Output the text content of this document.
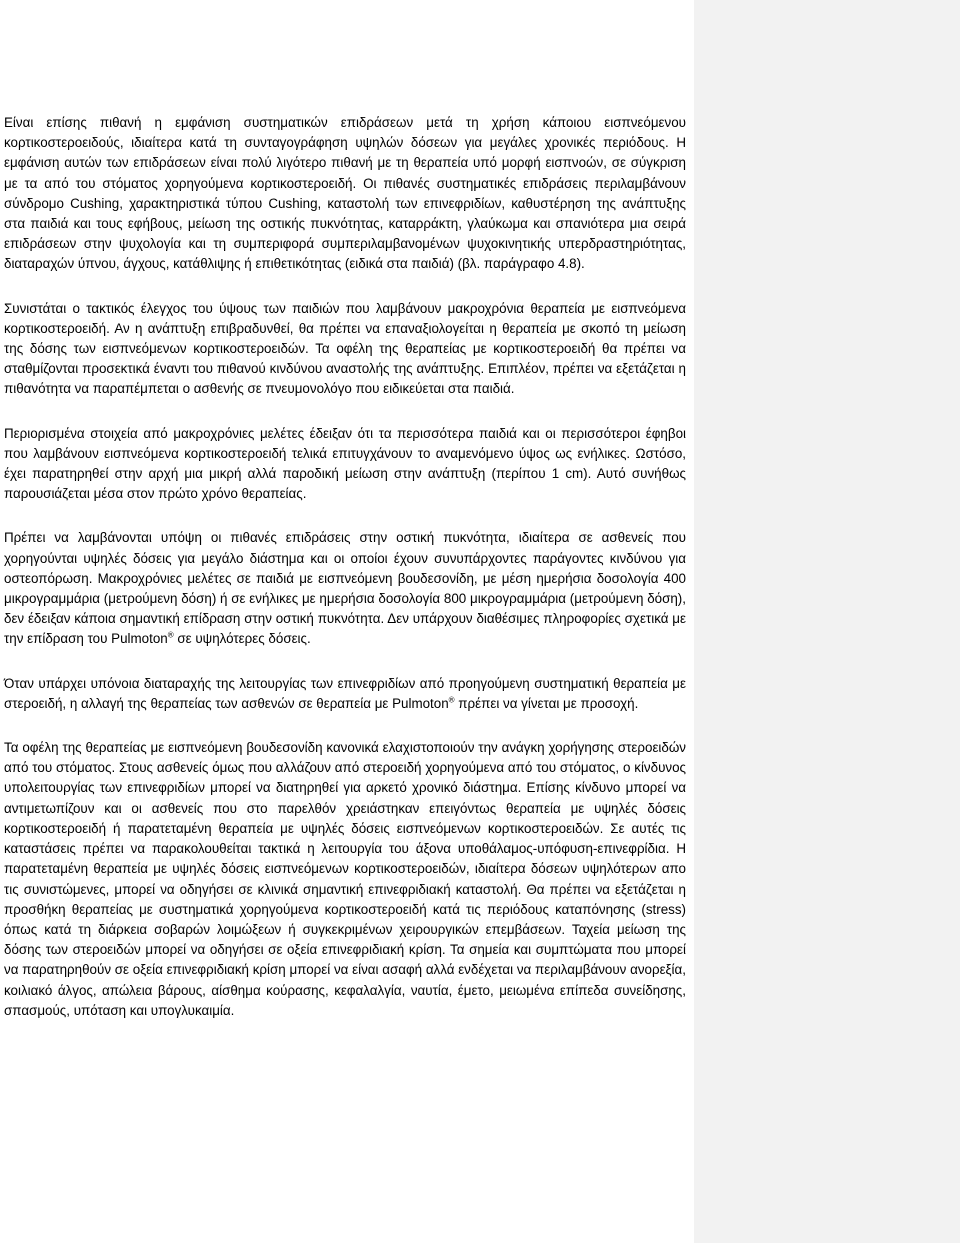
Είναι επίσης πιθανή η εμφάνιση συστηματικών επιδράσεων μετά τη χρήση κάποιου εισπνεόμενου κορτικοστεροειδούς, ιδιαίτερα κατά τη συνταγογράφηση υψηλών δόσεων για μεγάλες χρονικές περιόδους. Η εμφάνιση αυτών των επιδράσεων είναι πολύ λιγότερο πιθανή με τη θεραπεία υπό μορφή εισπνοών, σε σύγκριση με τα από του στόματος χορηγούμενα κορτικοστεροειδή. Οι πιθανές συστηματικές επιδράσεις περιλαμβάνουν σύνδρομο Cushing, χαρακτηριστικά τύπου Cushing, καταστολή των επινεφριδίων, καθυστέρηση της ανάπτυξης στα παιδιά και τους εφήβους, μείωση της οστικής πυκνότητας, καταρράκτη, γλαύκωμα και σπανιότερα μια σειρά επιδράσεων στην ψυχολογία και τη συμπεριφορά συμπεριλαμβανομένων ψυχοκινητικής υπερδραστηριότητας, διαταραχών ύπνου, άγχους, κατάθλιψης ή επιθετικότητας (ειδικά στα παιδιά) (βλ. παράγραφο 4.8).

Συνιστάται ο τακτικός έλεγχος του ύψους των παιδιών που λαμβάνουν μακροχρόνια θεραπεία με εισπνεόμενα κορτικοστεροειδή. Αν η ανάπτυξη επιβραδυνθεί, θα πρέπει να επαναξιολογείται η θεραπεία με σκοπό τη μείωση της δόσης των εισπνεόμενων κορτικοστεροειδών. Τα οφέλη της θεραπείας με κορτικοστεροειδή θα πρέπει να σταθμίζονται προσεκτικά έναντι του πιθανού κινδύνου αναστολής της ανάπτυξης. Επιπλέον, πρέπει να εξετάζεται η πιθανότητα να παραπέμπεται ο ασθενής σε πνευμονολόγο που ειδικεύεται στα παιδιά.

Περιορισμένα στοιχεία από μακροχρόνιες μελέτες έδειξαν ότι τα περισσότερα παιδιά και οι περισσότεροι έφηβοι που λαμβάνουν εισπνεόμενα κορτικοστεροειδή τελικά επιτυγχάνουν το αναμενόμενο ύψος ως ενήλικες. Ωστόσο, έχει παρατηρηθεί στην αρχή μια μικρή αλλά παροδική μείωση στην ανάπτυξη (περίπου 1 cm). Αυτό συνήθως παρουσιάζεται μέσα στον πρώτο χρόνο θεραπείας.

Πρέπει να λαμβάνονται υπόψη οι πιθανές επιδράσεις στην οστική πυκνότητα, ιδιαίτερα σε ασθενείς που χορηγούνται υψηλές δόσεις για μεγάλο διάστημα και οι οποίοι έχουν συνυπάρχοντες παράγοντες κινδύνου για οστεοπόρωση. Μακροχρόνιες μελέτες σε παιδιά με εισπνεόμενη βουδεσονίδη, με μέση ημερήσια δοσολογία 400 μικρογραμμάρια (μετρούμενη δόση) ή σε ενήλικες με ημερήσια δοσολογία 800 μικρογραμμάρια (μετρούμενη δόση), δεν έδειξαν κάποια σημαντική επίδραση στην οστική πυκνότητα. Δεν υπάρχουν διαθέσιμες πληροφορίες σχετικά με την επίδραση του Pulmoton® σε υψηλότερες δόσεις.

Όταν υπάρχει υπόνοια διαταραχής της λειτουργίας των επινεφριδίων από προηγούμενη συστηματική θεραπεία με στεροειδή, η αλλαγή της θεραπείας των ασθενών σε θεραπεία με Pulmoton® πρέπει να γίνεται με προσοχή.

Τα οφέλη της θεραπείας με εισπνεόμενη βουδεσονίδη κανονικά ελαχιστοποιούν την ανάγκη χορήγησης στεροειδών από του στόματος. Στους ασθενείς όμως που αλλάζουν από στεροειδή χορηγούμενα από του στόματος, ο κίνδυνος υπολειτουργίας των επινεφριδίων μπορεί να διατηρηθεί για αρκετό χρονικό διάστημα. Επίσης κίνδυνο μπορεί να αντιμετωπίζουν και οι ασθενείς που στο παρελθόν χρειάστηκαν επειγόντως θεραπεία με υψηλές δόσεις κορτικοστεροειδή ή παρατεταμένη θεραπεία με υψηλές δόσεις εισπνεόμενων κορτικοστεροειδών. Σε αυτές τις καταστάσεις πρέπει να παρακολουθείται τακτικά η λειτουργία του άξονα υποθάλαμος-υπόφυση-επινεφρίδια. Η παρατεταμένη θεραπεία με υψηλές δόσεις εισπνεόμενων κορτικοστεροειδών, ιδιαίτερα δόσεων υψηλότερων απο τις συνιστώμενες, μπορεί να οδηγήσει σε κλινικά σημαντική επινεφριδιακή καταστολή. Θα πρέπει να εξετάζεται η προσθήκη θεραπείας με συστηματικά χορηγούμενα κορτικοστεροειδή κατά τις περιόδους καταπόνησης (stress) όπως κατά τη διάρκεια σοβαρών λοιμώξεων ή συγκεκριμένων χειρουργικών επεμβάσεων. Ταχεία μείωση της δόσης των στεροειδών μπορεί να οδηγήσει σε οξεία επινεφριδιακή κρίση. Τα σημεία και συμπτώματα που μπορεί να παρατηρηθούν σε οξεία επινεφριδιακή κρίση μπορεί να είναι ασαφή αλλά ενδέχεται να περιλαμβάνουν ανορεξία, κοιλιακό άλγος, απώλεια βάρους, αίσθημα κούρασης, κεφαλαλγία, ναυτία, έμετο, μειωμένα επίπεδα συνείδησης, σπασμούς, υπόταση και υπογλυκαιμία.
